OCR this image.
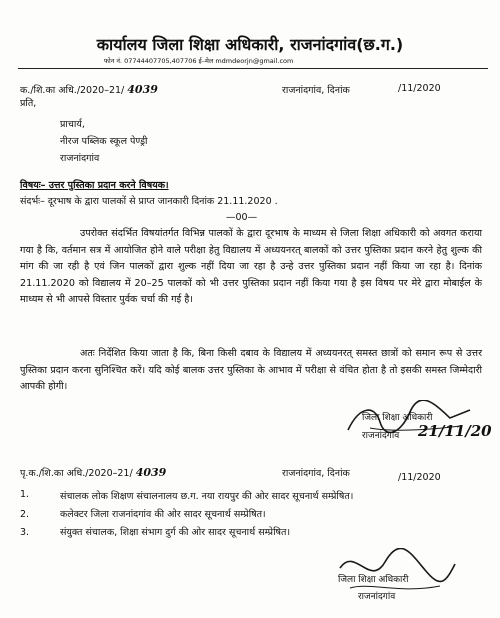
कार्यालय जिला शिक्षा अधिकारी, राजनांदगांव(छ.ग.)
फोन नं. 07744407705,407706 ई–मेल mdmdeorjn@gmail.com
क./शि.का अधि./2020–21/ 4039	राजनांदगांव, दिनांक	/11/2020
प्रति,
प्राचार्य,
नीरज पब्लिक स्कूल पेण्ड्री
राजनांदगांव
विषयः– उत्तर पुस्तिका प्रदान करने विषयक।
संदर्भः– दूरभाष के द्वारा पालकों से प्राप्त जानकारी दिनांक 21.11.2020 .
—00—
उपरोक्त संदर्भित विषयांतर्गत विभिन्न पालकों के द्वारा दूरभाष के माध्यम से जिला शिक्षा अधिकारी को अवगत कराया गया है कि, वर्तमान सत्र में आयोजित होने वाले परीक्षा हेतु विद्यालय में अध्ययनरत् बालकों को उत्तर पुस्तिका प्रदान करने हेतु शुल्क की मांग की जा रही है एवं जिन पालकों द्वारा शुल्क नहीं दिया जा रहा है उन्हे उत्तर पुस्तिका प्रदान नहीं किया जा रहा है। दिनांक 21.11.2020 को विद्यालय में 20–25 पालकों को भी उत्तर पुस्तिका प्रदान नहीं किया गया है इस विषय पर मेरे द्वारा मोबाईल के माध्यम से भी आपसे विस्तार पुर्वक चर्चा की गई है।
अतः निर्देशित किया जाता है कि, बिना किसी दबाव के विद्यालय में अध्ययनरत् समस्त छात्रों को समान रूप से उत्तर पुस्तिका प्रदान करना सुनिश्चित करें। यदि कोई बालक उत्तर पुस्तिका के आभाव में परीक्षा से वंचित होता है तो इसकी समस्त जिम्मेदारी आपकी होगी।
जिला शिक्षा अधिकारी
राजनांदगांव 21/11/20
पृ.क./शि.का अधि./2020–21/ 4039	राजनांदगांव, दिनांक	/11/2020
1.	संचालक लोक शिक्षण संचालनालय छ.ग. नया रायपुर की ओर सादर सूचनार्थ सम्प्रेषित।
2.	कलेक्टर जिला राजनांदगांव की ओर सादर सूचनार्थ सम्प्रेषित।
3.	संयुक्त संचालक, शिक्षा संभाग दुर्ग की ओर सादर सूचनार्थ सम्प्रेषित।
जिला शिक्षा अधिकारी
राजनांदगांव
